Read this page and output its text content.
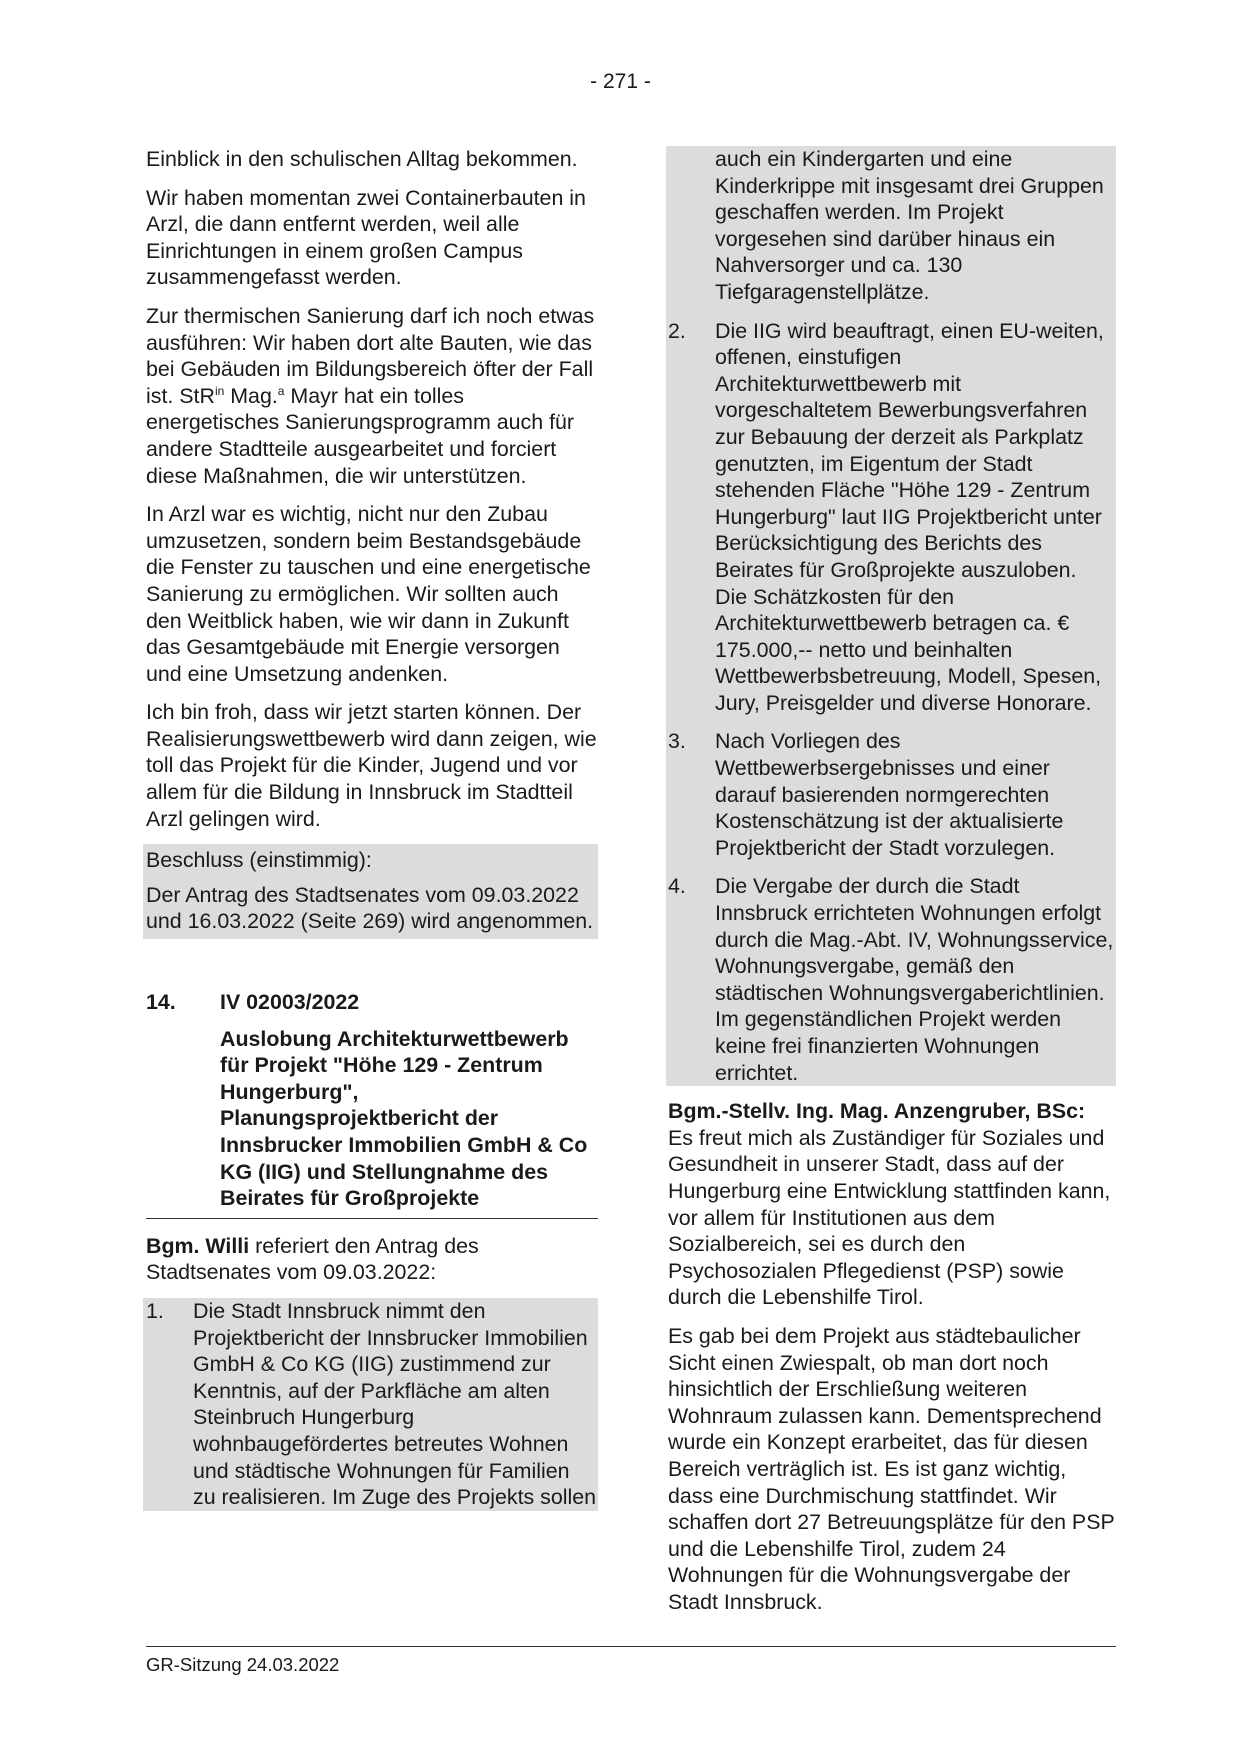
- 271 -

Einblick in den schulischen Alltag bekommen.

Wir haben momentan zwei Containerbauten in Arzl, die dann entfernt werden, weil alle Einrichtungen in einem großen Campus zusammengefasst werden.

Zur thermischen Sanierung darf ich noch etwas ausführen: Wir haben dort alte Bauten, wie das bei Gebäuden im Bildungsbereich öfter der Fall ist. StR$^{in}$ Mag.$^a$ Mayr hat ein tolles energetisches Sanierungsprogramm auch für andere Stadtteile ausgearbeitet und forciert diese Maßnahmen, die wir unterstützen.

In Arzl war es wichtig, nicht nur den Zubau umzusetzen, sondern beim Bestandsgebäude die Fenster zu tauschen und eine energetische Sanierung zu ermöglichen. Wir sollten auch den Weitblick haben, wie wir dann in Zukunft das Gesamtgebäude mit Energie versorgen und eine Umsetzung andenken.

Ich bin froh, dass wir jetzt starten können. Der Realisierungswettbewerb wird dann zeigen, wie toll das Projekt für die Kinder, Jugend und vor allem für die Bildung in Innsbruck im Stadtteil Arzl gelingen wird.

Beschluss (einstimmig):

Der Antrag des Stadtsenates vom 09.03.2022 und 16.03.2022 (Seite 269) wird angenommen.

14.	IV 02003/2022
Auslobung Architekturwettbewerb für Projekt "Höhe 129 - Zentrum Hungerburg", Planungsprojektbericht der Innsbrucker Immobilien GmbH & Co KG (IIG) und Stellungnahme des Beirates für Großprojekte

Bgm. Willi referiert den Antrag des Stadtsenates vom 09.03.2022:

1.	Die Stadt Innsbruck nimmt den Projektbericht der Innsbrucker Immobilien GmbH & Co KG (IIG) zustimmend zur Kenntnis, auf der Parkfläche am alten Steinbruch Hungerburg wohnbaugefördertes betreutes Wohnen und städtische Wohnungen für Familien zu realisieren. Im Zuge des Projekts sollen
auch ein Kindergarten und eine Kinderkrippe mit insgesamt drei Gruppen geschaffen werden. Im Projekt vorgesehen sind darüber hinaus ein Nahversorger und ca. 130 Tiefgaragenstellplätze.
2.	Die IIG wird beauftragt, einen EU-weiten, offenen, einstufigen Architekturwettbewerb mit vorgeschaltetem Bewerbungsverfahren zur Bebauung der derzeit als Parkplatz genutzten, im Eigentum der Stadt stehenden Fläche "Höhe 129 - Zentrum Hungerburg" laut IIG Projektbericht unter Berücksichtigung des Berichts des Beirates für Großprojekte auszuloben. Die Schätzkosten für den Architekturwettbewerb betragen ca. € 175.000,-- netto und beinhalten Wettbewerbsbetreuung, Modell, Spesen, Jury, Preisgelder und diverse Honorare.
3.	Nach Vorliegen des Wettbewerbsergebnisses und einer darauf basierenden normgerechten Kostenschätzung ist der aktualisierte Projektbericht der Stadt vorzulegen.
4.	Die Vergabe der durch die Stadt Innsbruck errichteten Wohnungen erfolgt durch die Mag.-Abt. IV, Wohnungsservice, Wohnungsvergabe, gemäß den städtischen Wohnungsvergaberichtlinien. Im gegenständlichen Projekt werden keine frei finanzierten Wohnungen errichtet.

Bgm.-Stellv. Ing. Mag. Anzengruber, BSc: Es freut mich als Zuständiger für Soziales und Gesundheit in unserer Stadt, dass auf der Hungerburg eine Entwicklung stattfinden kann, vor allem für Institutionen aus dem Sozialbereich, sei es durch den Psychosozialen Pflegedienst (PSP) sowie durch die Lebenshilfe Tirol.

Es gab bei dem Projekt aus städtebaulicher Sicht einen Zwiespalt, ob man dort noch hinsichtlich der Erschließung weiteren Wohnraum zulassen kann. Dementsprechend wurde ein Konzept erarbeitet, das für diesen Bereich verträglich ist. Es ist ganz wichtig, dass eine Durchmischung stattfindet. Wir schaffen dort 27 Betreuungsplätze für den PSP und die Lebenshilfe Tirol, zudem 24 Wohnungen für die Wohnungsvergabe der Stadt Innsbruck.

GR-Sitzung 24.03.2022
